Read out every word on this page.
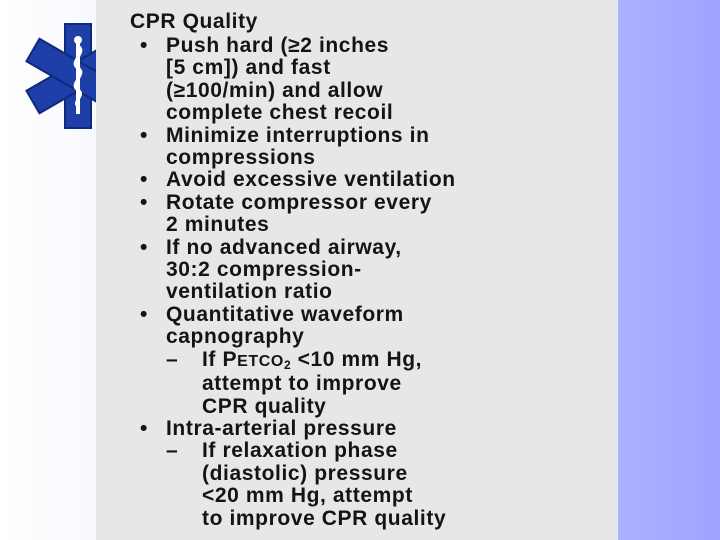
CPR Quality
• Push hard (≥2 inches
[5 cm]) and fast
(≥100/min) and allow
complete chest recoil
• Minimize interruptions in
compressions
• Avoid excessive ventilation
• Rotate compressor every
2 minutes
• If no advanced airway,
30:2 compression-
ventilation ratio
• Quantitative waveform
capnography
–	If $PETCO_2 <10$ mm Hg,
attempt to improve
CPR quality
• Intra-arterial pressure
–	If relaxation phase
(diastolic) pressure
<20 mm Hg, attempt
to improve CPR quality
